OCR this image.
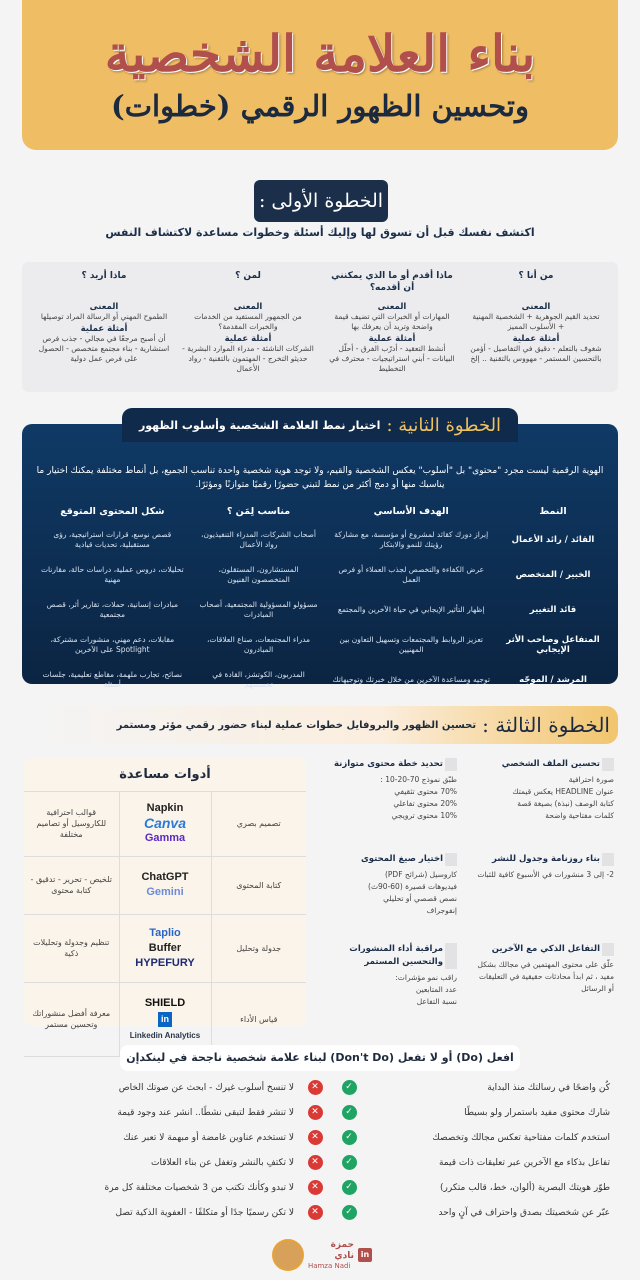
بناء العلامة الشخصية
وتحسين الظهور الرقمي (خطوات)
الخطوة الأولى :
اكتشف نفسك قبل أن تسوق لها وإليك أسئلة وخطوات مساعدة لاكتشاف النفس
من أنا ؟
المعنى

تحديد القيم الجوهرية + الشخصية المهنية + الأسلوب المميز

أمثلة عملية

شغوف بالتعلم - دقيق في التفاصيل - أؤمن بالتحسين المستمر - مهووس بالتقنية .. إلخ

ماذا أقدم أو ما الذي يمكنني أن أقدمه؟
المعنى

المهارات أو الخبرات التي تضيف قيمة واضحة وتريد أن يعرفك بها

أمثلة عملية

أنشط التعقيد - أدرّب الفرق - أحلّل البيانات - أبني استراتيجيات - محترف في التخطيط

لمن ؟
المعنى

من الجمهور المستفيد من الخدمات والخبرات المقدمة؟

أمثلة عملية

الشركات الناشئة - مدراء الموارد البشرية - حديثو التخرج - المهتمون بالتقنية - رواد الأعمال

ماذا أريد ؟
المعنى

الطموح المهني أو الرسالة المراد توصيلها

أمثلة عملية

أن أصبح مرجعًا في مجالي - جذب فرص استشارية - بناء مجتمع متخصص - الحصول على فرص عمل دولية

الهوية الرقمية ليست مجرد "محتوى" بل "أسلوب" يعكس الشخصية والقيم، ولا توجد هوية شخصية واحدة تناسب الجميع، بل أنماط مختلفة يمكنك اختيار ما يناسبك منها أو دمج أكثر من نمط لتبني حضورًا رقميًا متوازنًا ومؤثرًا.
النمط	الهدف الأساسي	مناسب لِمَن ؟	شكل المحتوى المتوقع
القائد / رائد الأعمال	إبراز دورك كقائد لمشروع أو مؤسسة، مع مشاركة رؤيتك للنمو والابتكار	أصحاب الشركات، المدراء التنفيذيون، رواد الأعمال	قصص نوسع، قرارات استراتيجية، رؤى مستقبلية، تحديات قيادية
الخبير / المتخصص	عرض الكفاءة والتخصص لجذب العملاء أو فرص العمل	المستشارون، المستقلون، المتخصصون الفنيون	تحليلات، دروس عملية، دراسات حالة، مقارنات مهنية
قائد التغيير	إظهار التأثير الإيجابي في حياة الآخرين والمجتمع	مسؤولو المسؤولية المجتمعية، أصحاب المبادرات	مبادرات إنسانية، حملات، تقارير أثر، قصص مجتمعية
المتفاعل وصاحب الأثر الإيجابي	تعزيز الروابط والمجتمعات وتسهيل التعاون بين المهنيين	مدراء المجتمعات، صناع العلاقات، المبادرون	مقابلات، دعم مهني، منشورات مشتركة، Spotlight على الآخرين
المرشد / الموجّه	توجيه ومساعدة الآخرين من خلال خبرتك وتوجيهاتك	المدربون، الكوتشز، القادة في تخصصهم	نصائح، تجارب ملهمة، مقاطع تعليمية، جلسات أسئلة
الخطوة الثانية :
اختيار نمط العلامة الشخصية وأسلوب الظهور
الخطوة الثالثة :
تحسين الظهور والبروفايل خطوات عملية لبناء حضور رقمي مؤثر ومستمر
تحسين الملف الشخصي
صورة احترافية
عنوان HEADLINE يعكس قيمتك
كتابة الوصف (نبذة) بصيغة قصة
كلمات مفتاحية واضحة
تحديد خطة محتوى متوازنة
طبّق نموذج 70-20-10 :
70% محتوى تثقيفي
20% محتوى تفاعلي
10% محتوى ترويجي
بناء روزنامة وجدول للنشر
2- إلى 3 منشورات في الأسبوع كافية للثبات
اختيار صيغ المحتوى
كاروسيل (شرائح PDF)
فيديوهات قصيرة (60-90ث)
نصص قصصي أو تحليلي
إنفوجراف
التفاعل الذكي مع الآخرين
علّق على محتوى المهتمين في مجالك بشكل مفيد ، ثم ابدأ محادثات حقيقية في التعليقات أو الرسائل
مراقبة أداء المنشورات والتحسين المستمر
راقب نمو مؤشرات:
عدد المتابعين
نسبة التفاعل
أدوات مساعدة
تصميم بصري	Napkin
Canva
Gamma	قوالب احترافية للكاروسيل أو تصاميم مختلفة
كتابة المحتوى	ChatGPT
Gemini	تلخيص - تحرير - تدقيق - كتابة محتوى
جدولة وتحليل	Taplio
Buffer
HYPEFURY	تنظيم وجدولة وتحليلات ذكية
قياس الأداء	SHIELD
in
Linkedin Analytics	معرفة أفضل منشوراتك وتحسين مستمر
افعل (Do) أو لا تفعل (Don't Do) لبناء علامة شخصية ناجحة في لينكدإن
كُن واضحًا في رسالتك منذ البداية
✓
✕
لا تنسخ أسلوب غيرك - ابحث عن صوتك الخاص
شارك محتوى مفيد باستمرار ولو بسيطًا
✓
✕
لا تنشر فقط لتبقى نشطًا.. انشر عند وجود قيمة
استخدم كلمات مفتاحية تعكس مجالك وتخصصك
✓
✕
لا تستخدم عناوين غامضة أو مبهمة لا تعبر عنك
تفاعل بذكاء مع الآخرين عبر تعليقات ذات قيمة
✓
✕
لا تكتفِ بالنشر وتغفل عن بناء العلاقات
طوّر هويتك البصرية (ألوان، خط، قالب متكرر)
✓
✕
لا تبدو وكأنك تكتب من 3 شخصيات مختلفة كل مرة
عبّر عن شخصيتك بصدق واحتراف في آنٍ واحد
✓
✕
لا تكن رسميًا جدًا أو متكلفًا - العفوية الذكية تصل
حمزة نادي
Hamza Nadi
in
